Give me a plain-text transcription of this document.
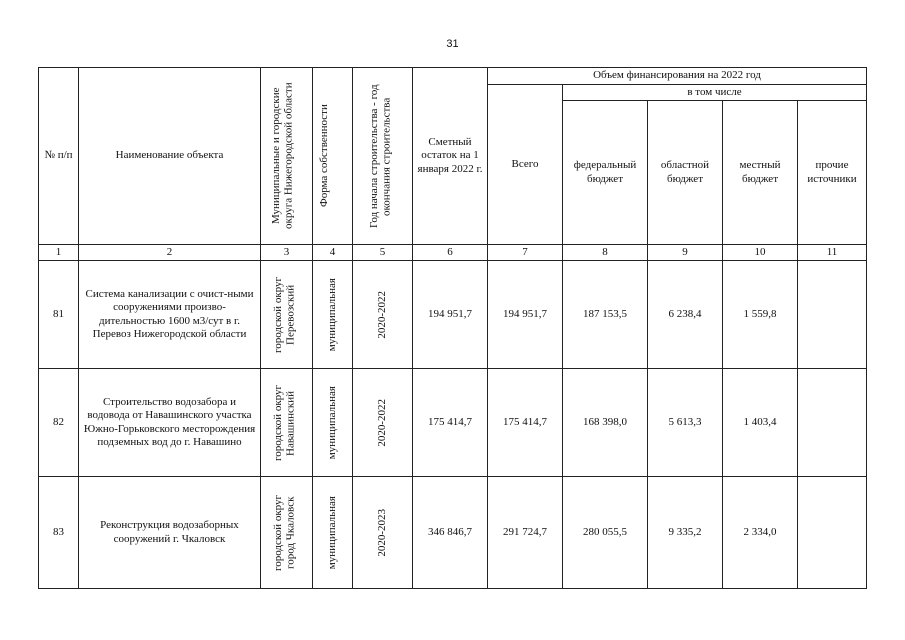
31
№ п/п	Наименование объекта	Муниципальные и городские округа Нижегородской области	Форма собственности	Год начала строительства - год окончания строительства	Сметный остаток на 1 января 2022 г.	Объем финансирования на 2022 год				
						Всего	в том числе			
							федеральный бюджет	областной бюджет	местный бюджет	прочие источники
1	2	3	4	5	6	7	8	9	10	11
81	Система канализации с очист-ными сооружениями произво-дительностью 1600 м3/сут в г. Перевоз Нижегородской области	городской округ Перевозский	муниципальная	2020-2022	194 951,7	194 951,7	187 153,5	6 238,4	1 559,8	
82	Строительство водозабора и водовода от Навашинского участка Южно-Горьковского месторождения подземных вод до г. Навашино	городской округ Навашинский	муниципальная	2020-2022	175 414,7	175 414,7	168 398,0	5 613,3	1 403,4	
83	Реконструкция водозаборных сооружений г. Чкаловск	городской округ город Чкаловск	муниципальная	2020-2023	346 846,7	291 724,7	280 055,5	9 335,2	2 334,0	
